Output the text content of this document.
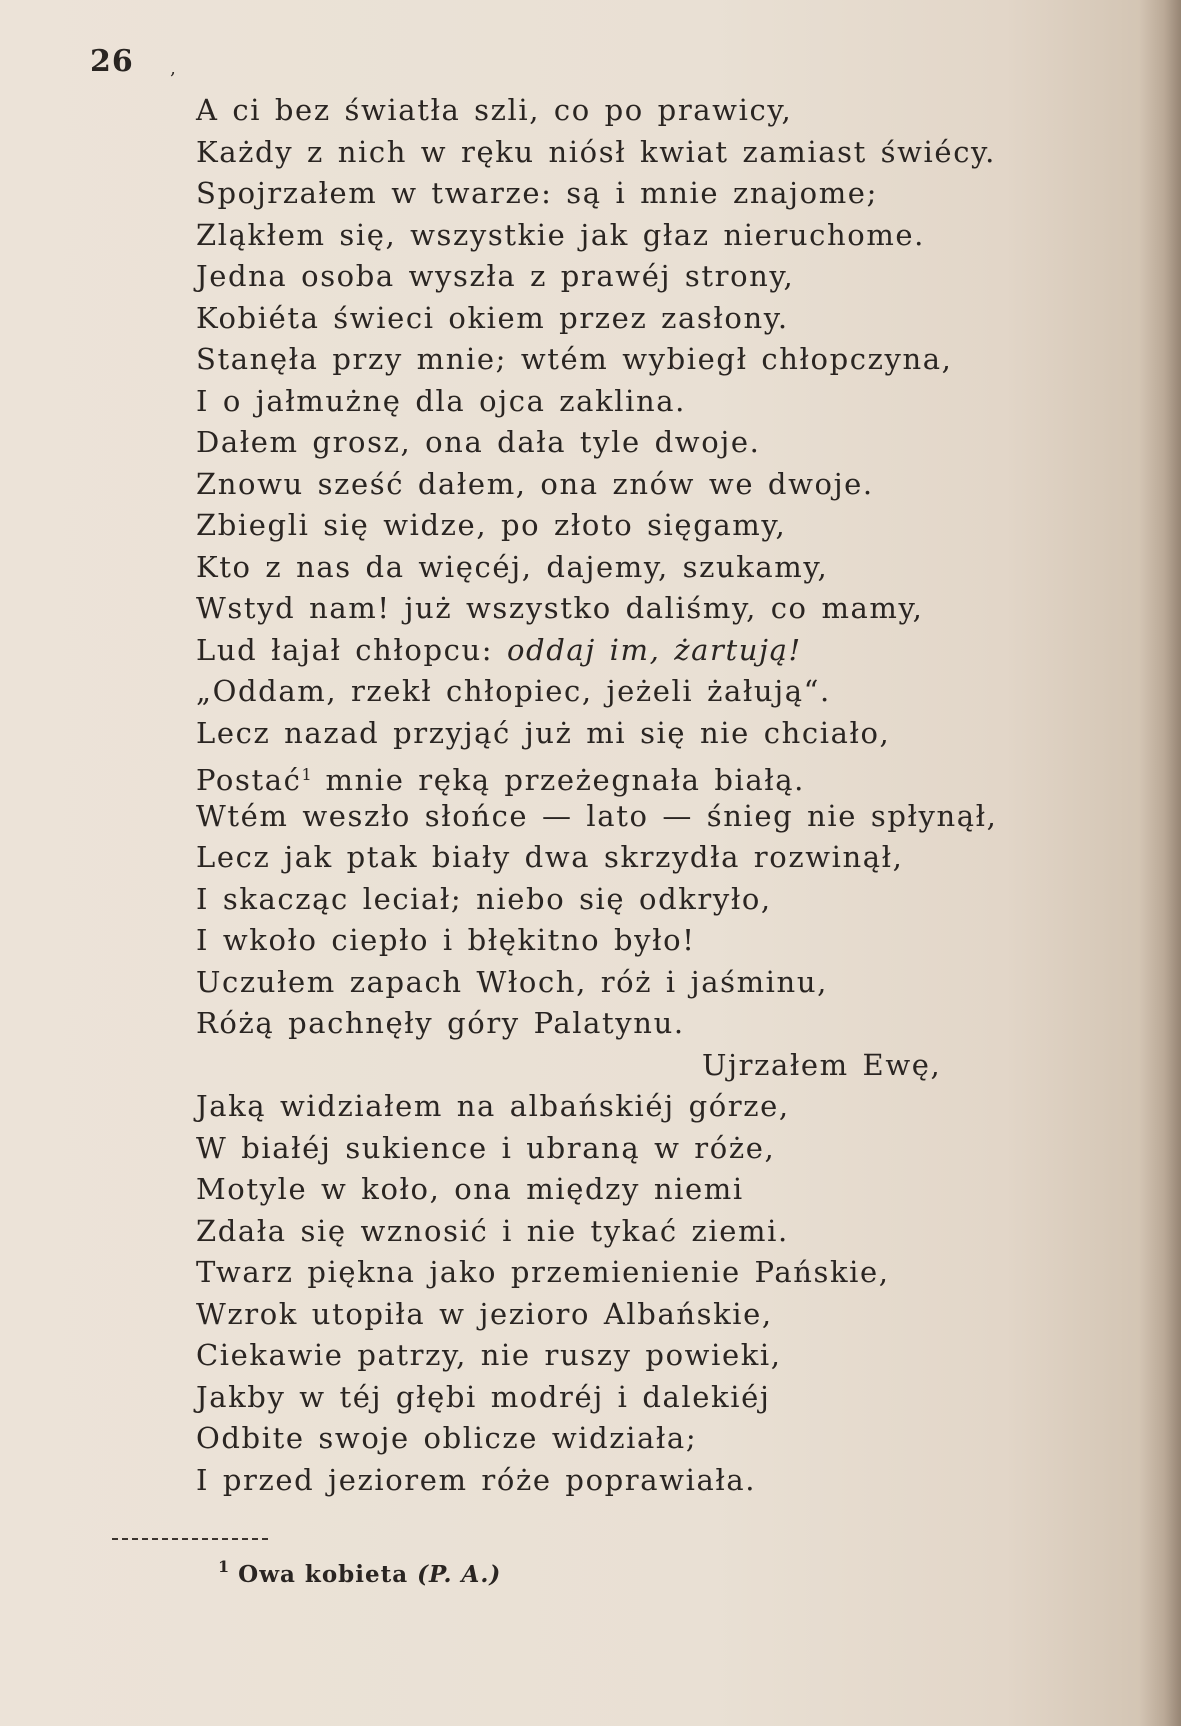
26 ‚
A ci bez światła szli, co po prawicy,
Każdy z nich w ręku niósł kwiat zamiast świécy.
Spojrzałem w twarze: są i mnie znajome;
Zląkłem się, wszystkie jak głaz nieruchome.
Jedna osoba wyszła z prawéj strony,
Kobiéta świeci okiem przez zasłony.
Stanęła przy mnie; wtém wybiegł chłopczyna,
I o jałmużnę dla ojca zaklina.
Dałem grosz, ona dała tyle dwoje.
Znowu sześć dałem, ona znów we dwoje.
Zbiegli się widze, po złoto sięgamy,
Kto z nas da więcéj, dajemy, szukamy,
Wstyd nam! już wszystko daliśmy, co mamy,
Lud łajał chłopcu: oddaj im, żartują!
„Oddam, rzekł chłopiec, jeżeli żałują“.
Lecz nazad przyjąć już mi się nie chciało,
Postać$^1$ mnie ręką przeżegnała białą.
Wtém weszło słońce — lato — śnieg nie spłynął,
Lecz jak ptak biały dwa skrzydła rozwinął,
I skacząc leciał; niebo się odkryło,
I wkoło ciepło i błękitno było!
Uczułem zapach Włoch, róż i jaśminu,
Różą pachnęły góry Palatynu.
Ujrzałem Ewę,
Jaką widziałem na albańskiéj górze,
W białéj sukience i ubraną w róże,
Motyle w koło, ona między niemi
Zdała się wznosić i nie tykać ziemi.
Twarz piękna jako przemienienie Pańskie,
Wzrok utopiła w jezioro Albańskie,
Ciekawie patrzy, nie ruszy powieki,
Jakby w téj głębi modréj i dalekiéj
Odbite swoje oblicze widziała;
I przed jeziorem róże poprawiała.
$^1$ Owa kobieta (P. A.)
